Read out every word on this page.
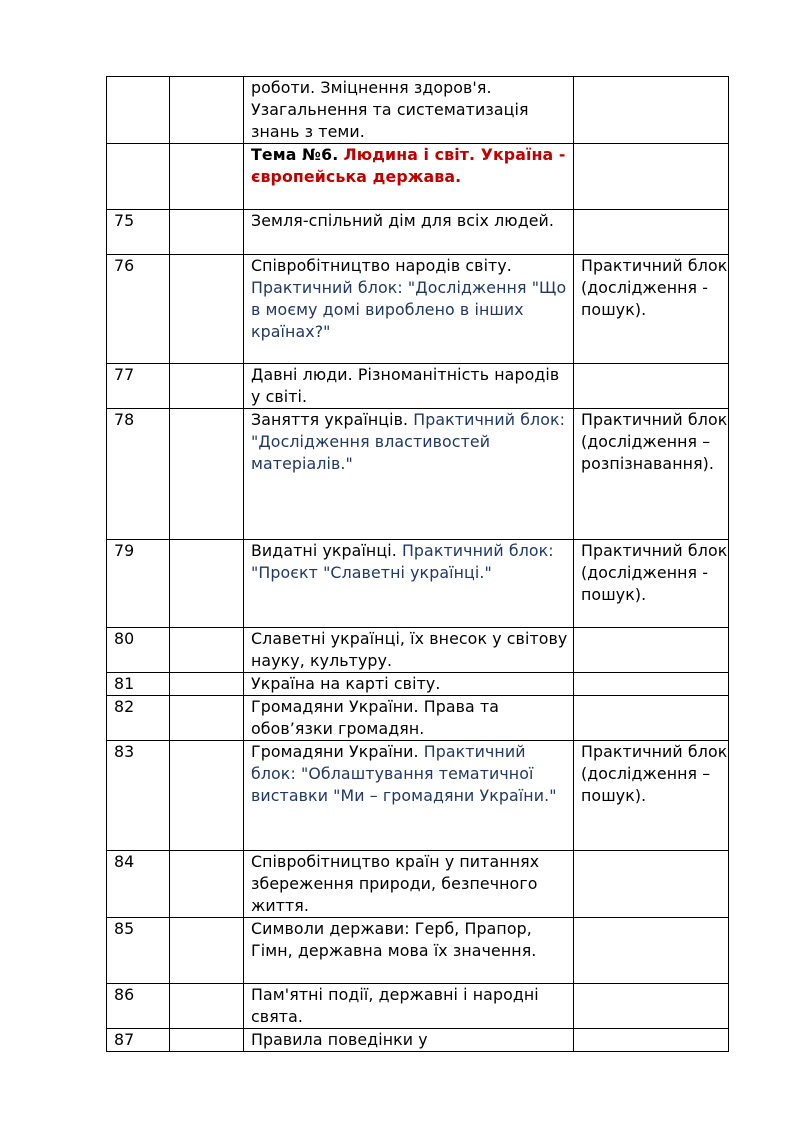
		роботи. Зміцнення здоров'я. Узагальнення та систематизація знань з теми.	
		Тема №6. Людина і світ. Україна - європейська держава.	
75		Земля-спільний дім для всіх людей.	
76		Співробітництво народів світу. Практичний блок: "Дослідження "Що в моєму домі вироблено в інших країнах?"	Практичний блок (дослідження - пошук).
77		Давні люди. Різноманітність народів у світі.	
78		Заняття українців. Практичний блок: "Дослідження властивостей матеріалів."	Практичний блок (дослідження – розпізнавання).
79		Видатні українці. Практичний блок: "Проєкт "Славетні українці."	Практичний блок (дослідження - пошук).
80		Славетні українці, їх внесок у світову науку, культуру.	
81		Україна на карті світу.	
82		Громадяни України. Права та обов’язки громадян.	
83		Громадяни України. Практичний блок: "Облаштування тематичної виставки "Ми – громадяни України."	Практичний блок (дослідження – пошук).
84		Співробітництво країн у питаннях збереження природи, безпечного життя.	
85		Символи держави: Герб, Прапор, Гімн, державна мова їх значення.	
86		Пам'ятні події, державні і народні свята.	
87		Правила поведінки у	
